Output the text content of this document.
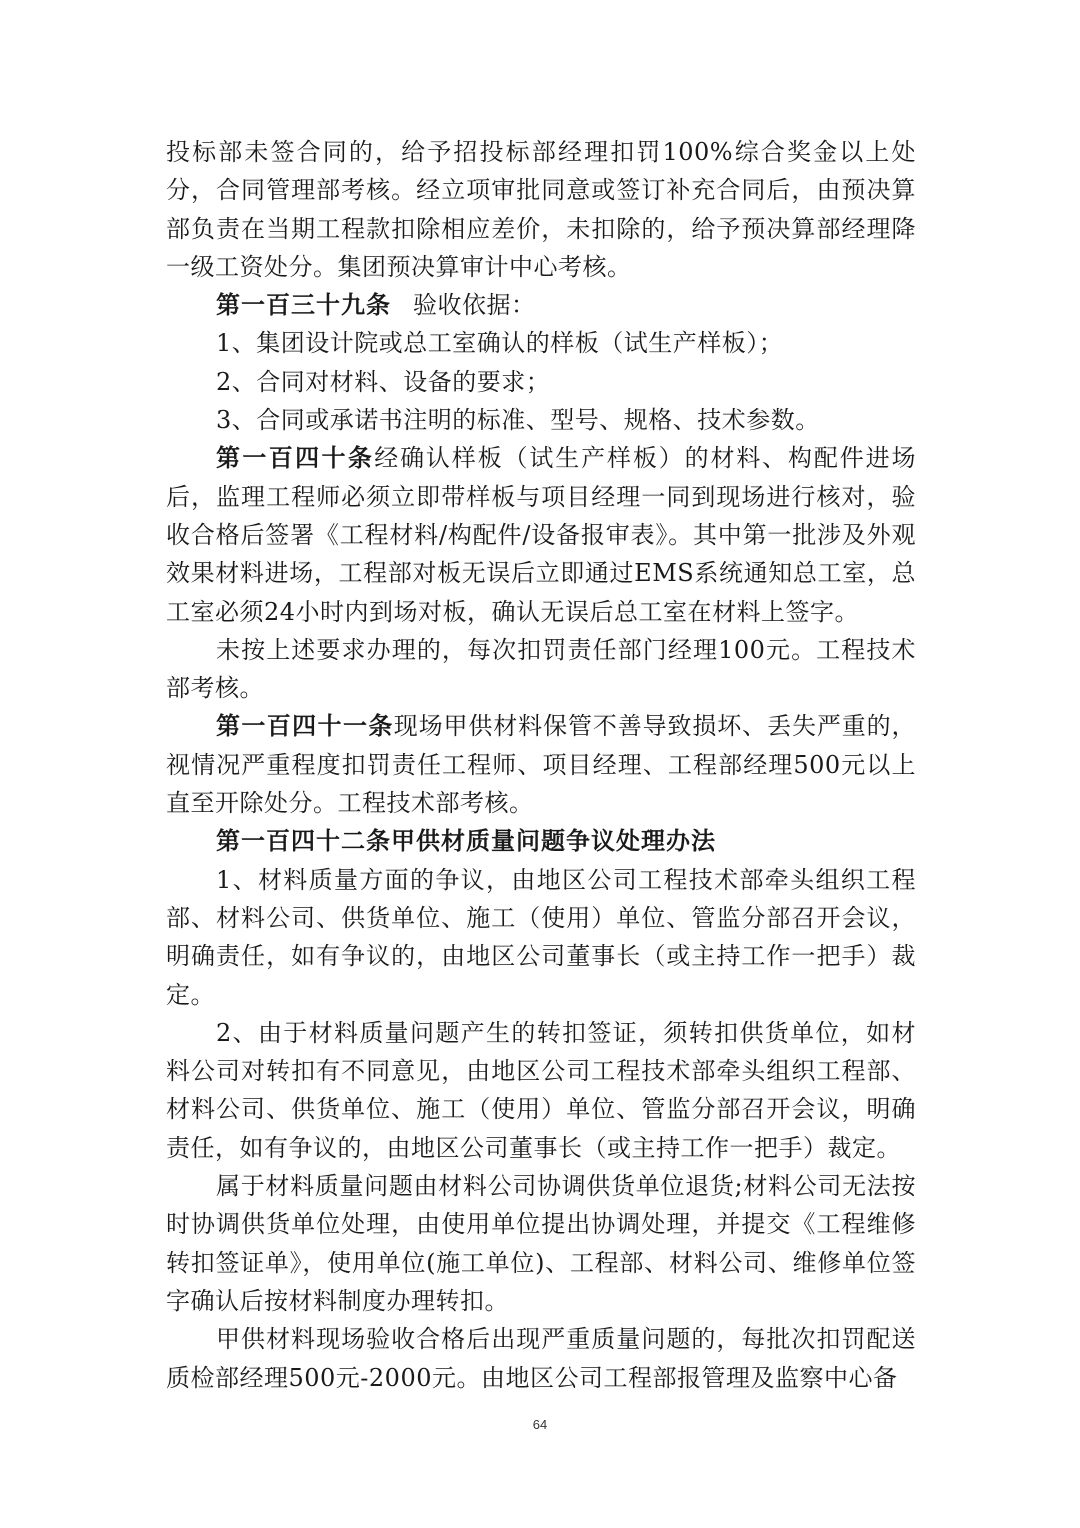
投标部未签合同的，给予招投标部经理扣罚100%综合奖金以上处分，合同管理部考核。经立项审批同意或签订补充合同后，由预决算部负责在当期工程款扣除相应差价，未扣除的，给予预决算部经理降一级工资处分。集团预决算审计中心考核。

第一百三十九条 验收依据：

1、集团设计院或总工室确认的样板（试生产样板）；

2、合同对材料、设备的要求；

3、合同或承诺书注明的标准、型号、规格、技术参数。

第一百四十条经确认样板（试生产样板）的材料、构配件进场后，监理工程师必须立即带样板与项目经理一同到现场进行核对，验收合格后签署《工程材料/构配件/设备报审表》。其中第一批涉及外观效果材料进场，工程部对板无误后立即通过EMS系统通知总工室，总工室必须24小时内到场对板，确认无误后总工室在材料上签字。

未按上述要求办理的，每次扣罚责任部门经理100元。工程技术部考核。

第一百四十一条现场甲供材料保管不善导致损坏、丢失严重的，视情况严重程度扣罚责任工程师、项目经理、工程部经理500元以上直至开除处分。工程技术部考核。

第一百四十二条甲供材质量问题争议处理办法

1、材料质量方面的争议，由地区公司工程技术部牵头组织工程部、材料公司、供货单位、施工（使用）单位、管监分部召开会议，明确责任，如有争议的，由地区公司董事长（或主持工作一把手）裁定。

2、由于材料质量问题产生的转扣签证，须转扣供货单位，如材料公司对转扣有不同意见，由地区公司工程技术部牵头组织工程部、材料公司、供货单位、施工（使用）单位、管监分部召开会议，明确责任，如有争议的，由地区公司董事长（或主持工作一把手）裁定。

属于材料质量问题由材料公司协调供货单位退货;材料公司无法按时协调供货单位处理，由使用单位提出协调处理，并提交《工程维修转扣签证单》，使用单位(施工单位)、工程部、材料公司、维修单位签字确认后按材料制度办理转扣。

甲供材料现场验收合格后出现严重质量问题的，每批次扣罚配送质检部经理500元-2000元。由地区公司工程部报管理及监察中心备

64
